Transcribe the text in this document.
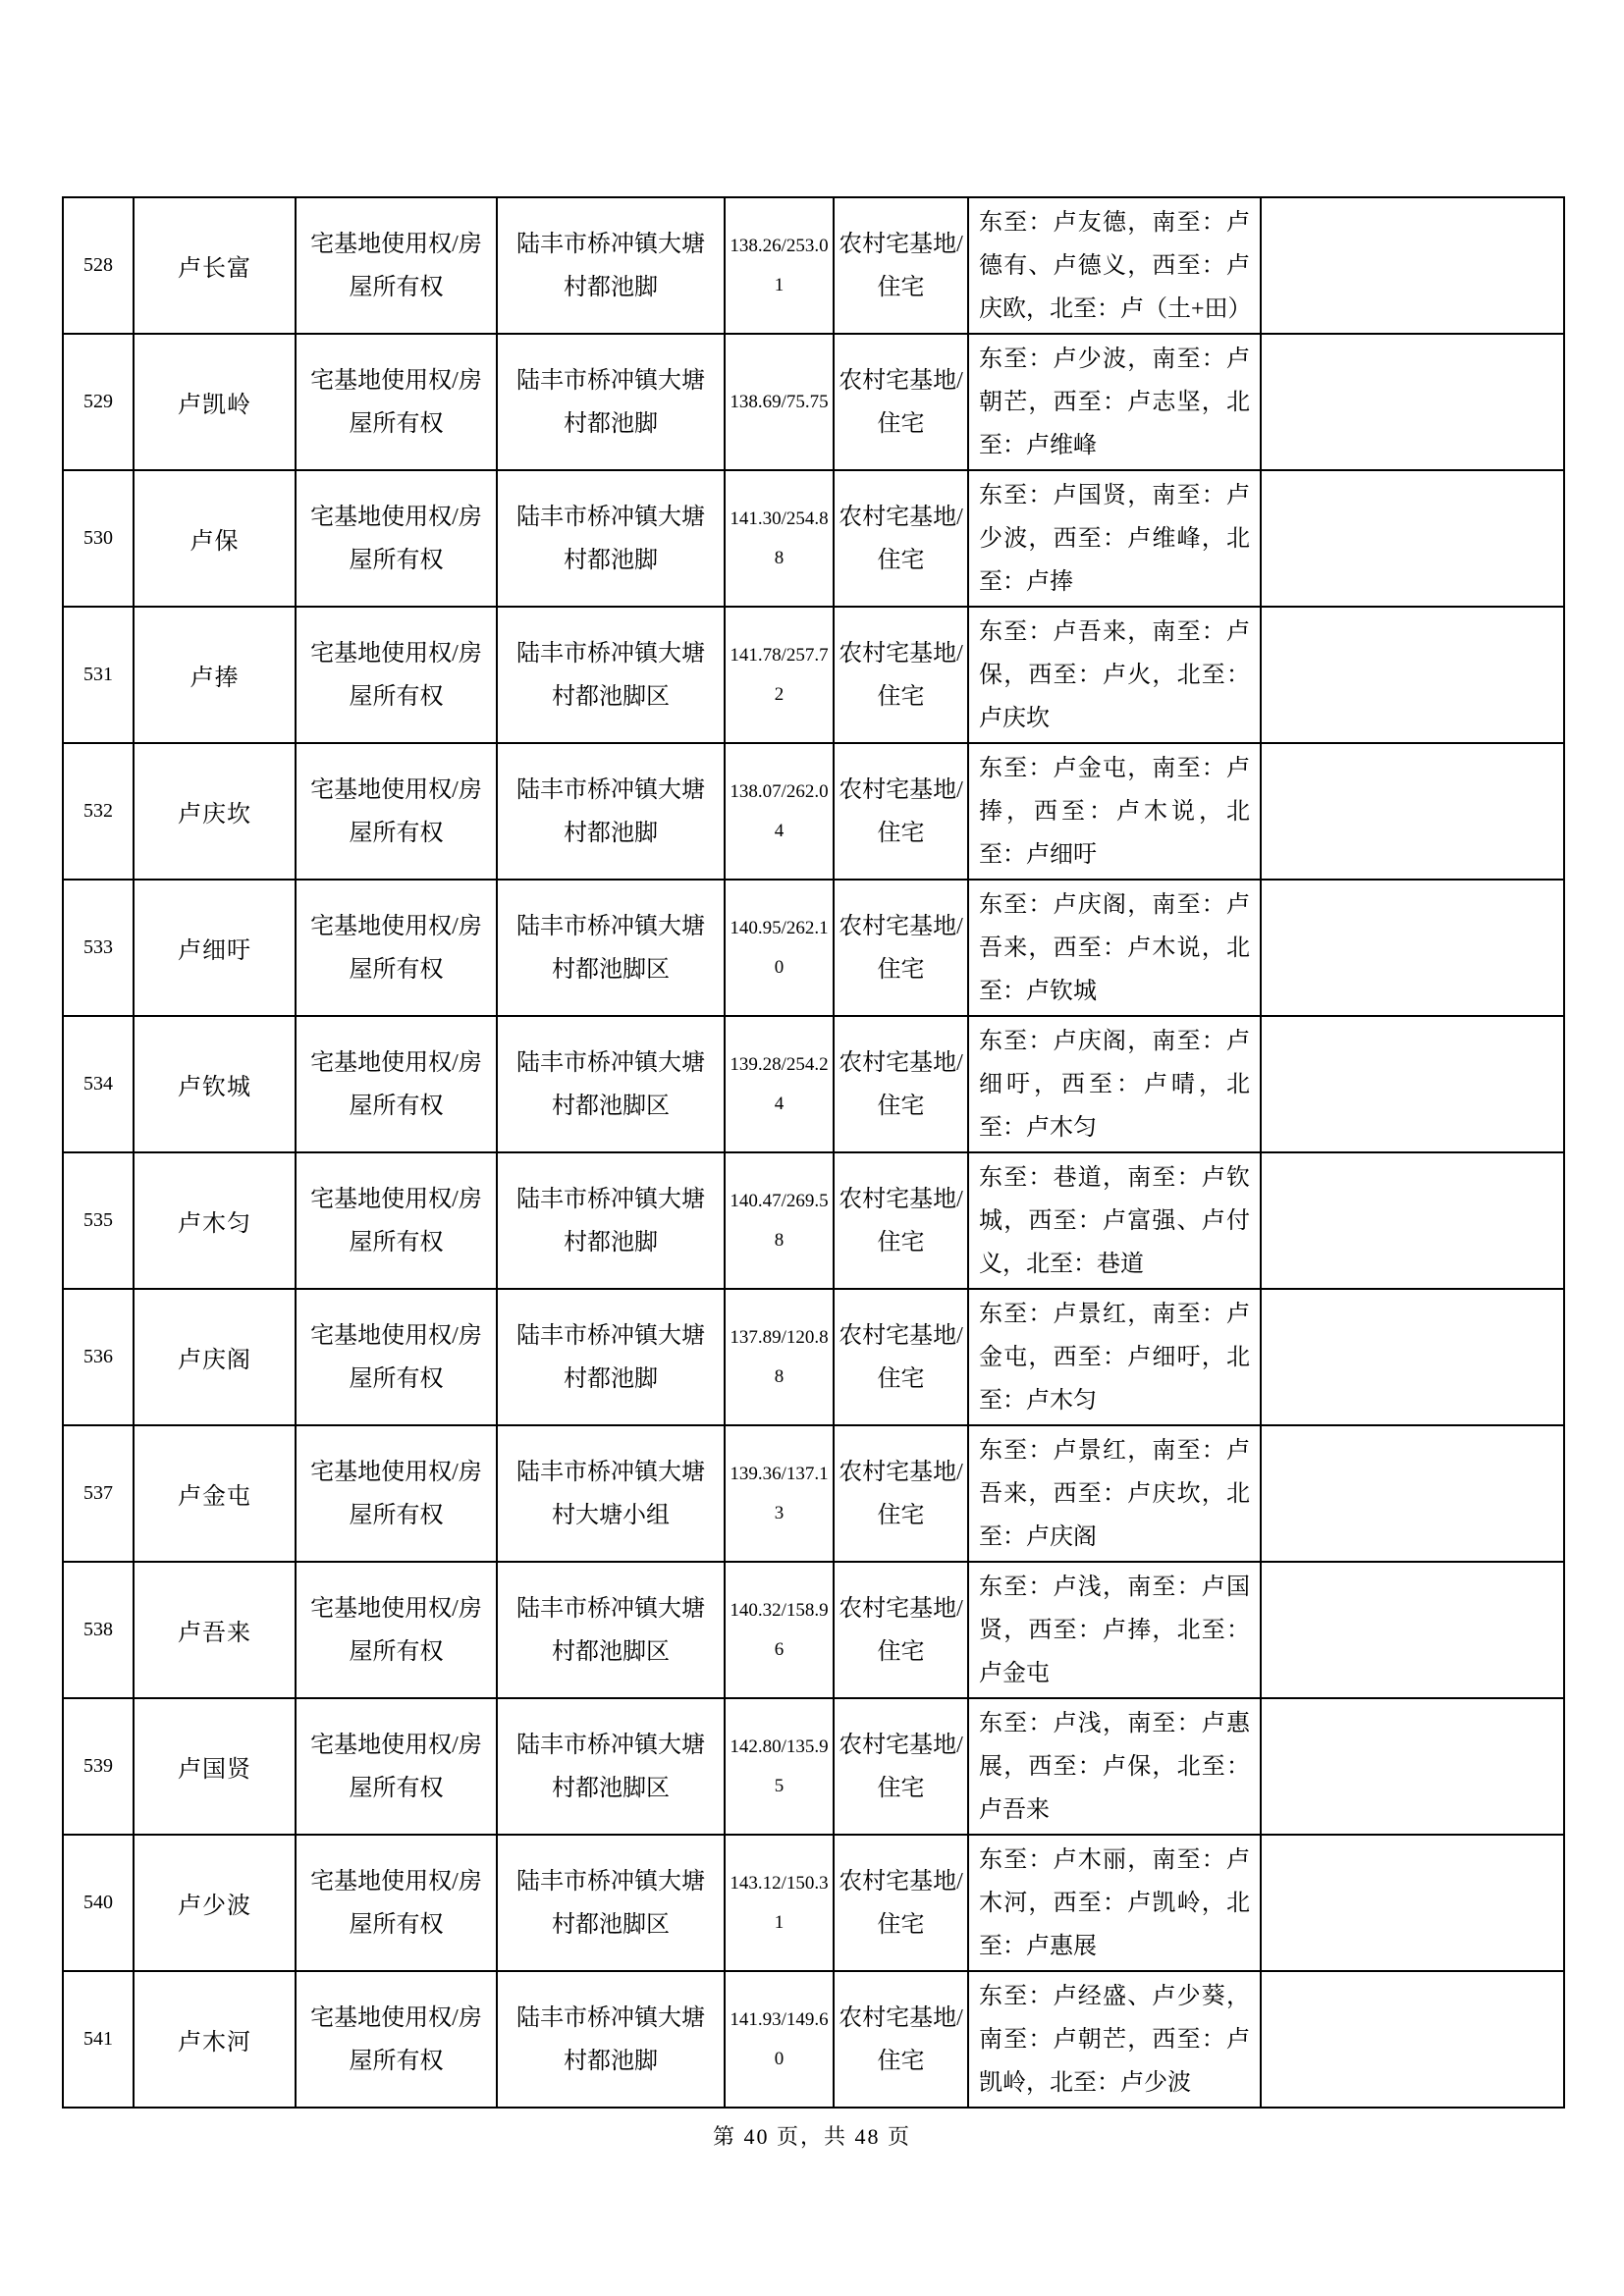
528	卢长富	宅基地使用权/房屋所有权	陆丰市桥冲镇大塘村都池脚	138.26/253.01	农村宅基地/住宅	东至：卢友德，南至：卢德有、卢德义，西至：卢庆欧，北至：卢（土+田）	
529	卢凯岭	宅基地使用权/房屋所有权	陆丰市桥冲镇大塘村都池脚	138.69/75.75	农村宅基地/住宅	东至：卢少波，南至：卢朝芒，西至：卢志坚，北至：卢维峰	
530	卢保	宅基地使用权/房屋所有权	陆丰市桥冲镇大塘村都池脚	141.30/254.88	农村宅基地/住宅	东至：卢国贤，南至：卢少波，西至：卢维峰，北至：卢捧	
531	卢捧	宅基地使用权/房屋所有权	陆丰市桥冲镇大塘村都池脚区	141.78/257.72	农村宅基地/住宅	东至：卢吾来，南至：卢保，西至：卢火，北至：卢庆坎	
532	卢庆坎	宅基地使用权/房屋所有权	陆丰市桥冲镇大塘村都池脚	138.07/262.04	农村宅基地/住宅	东至：卢金屯，南至：卢捧，西至：卢木说，北至：卢细吁	
533	卢细吁	宅基地使用权/房屋所有权	陆丰市桥冲镇大塘村都池脚区	140.95/262.10	农村宅基地/住宅	东至：卢庆阁，南至：卢吾来，西至：卢木说，北至：卢钦城	
534	卢钦城	宅基地使用权/房屋所有权	陆丰市桥冲镇大塘村都池脚区	139.28/254.24	农村宅基地/住宅	东至：卢庆阁，南至：卢细吁，西至：卢晴，北至：卢木匀	
535	卢木匀	宅基地使用权/房屋所有权	陆丰市桥冲镇大塘村都池脚	140.47/269.58	农村宅基地/住宅	东至：巷道，南至：卢钦城，西至：卢富强、卢付义，北至：巷道	
536	卢庆阁	宅基地使用权/房屋所有权	陆丰市桥冲镇大塘村都池脚	137.89/120.88	农村宅基地/住宅	东至：卢景红，南至：卢金屯，西至：卢细吁，北至：卢木匀	
537	卢金屯	宅基地使用权/房屋所有权	陆丰市桥冲镇大塘村大塘小组	139.36/137.13	农村宅基地/住宅	东至：卢景红，南至：卢吾来，西至：卢庆坎，北至：卢庆阁	
538	卢吾来	宅基地使用权/房屋所有权	陆丰市桥冲镇大塘村都池脚区	140.32/158.96	农村宅基地/住宅	东至：卢浅，南至：卢国贤，西至：卢捧，北至：卢金屯	
539	卢国贤	宅基地使用权/房屋所有权	陆丰市桥冲镇大塘村都池脚区	142.80/135.95	农村宅基地/住宅	东至：卢浅，南至：卢惠展，西至：卢保，北至：卢吾来	
540	卢少波	宅基地使用权/房屋所有权	陆丰市桥冲镇大塘村都池脚区	143.12/150.31	农村宅基地/住宅	东至：卢木丽，南至：卢木河，西至：卢凯岭，北至：卢惠展	
541	卢木河	宅基地使用权/房屋所有权	陆丰市桥冲镇大塘村都池脚	141.93/149.60	农村宅基地/住宅	东至：卢经盛、卢少葵，南至：卢朝芒，西至：卢凯岭，北至：卢少波	
第 40 页，共 48 页
